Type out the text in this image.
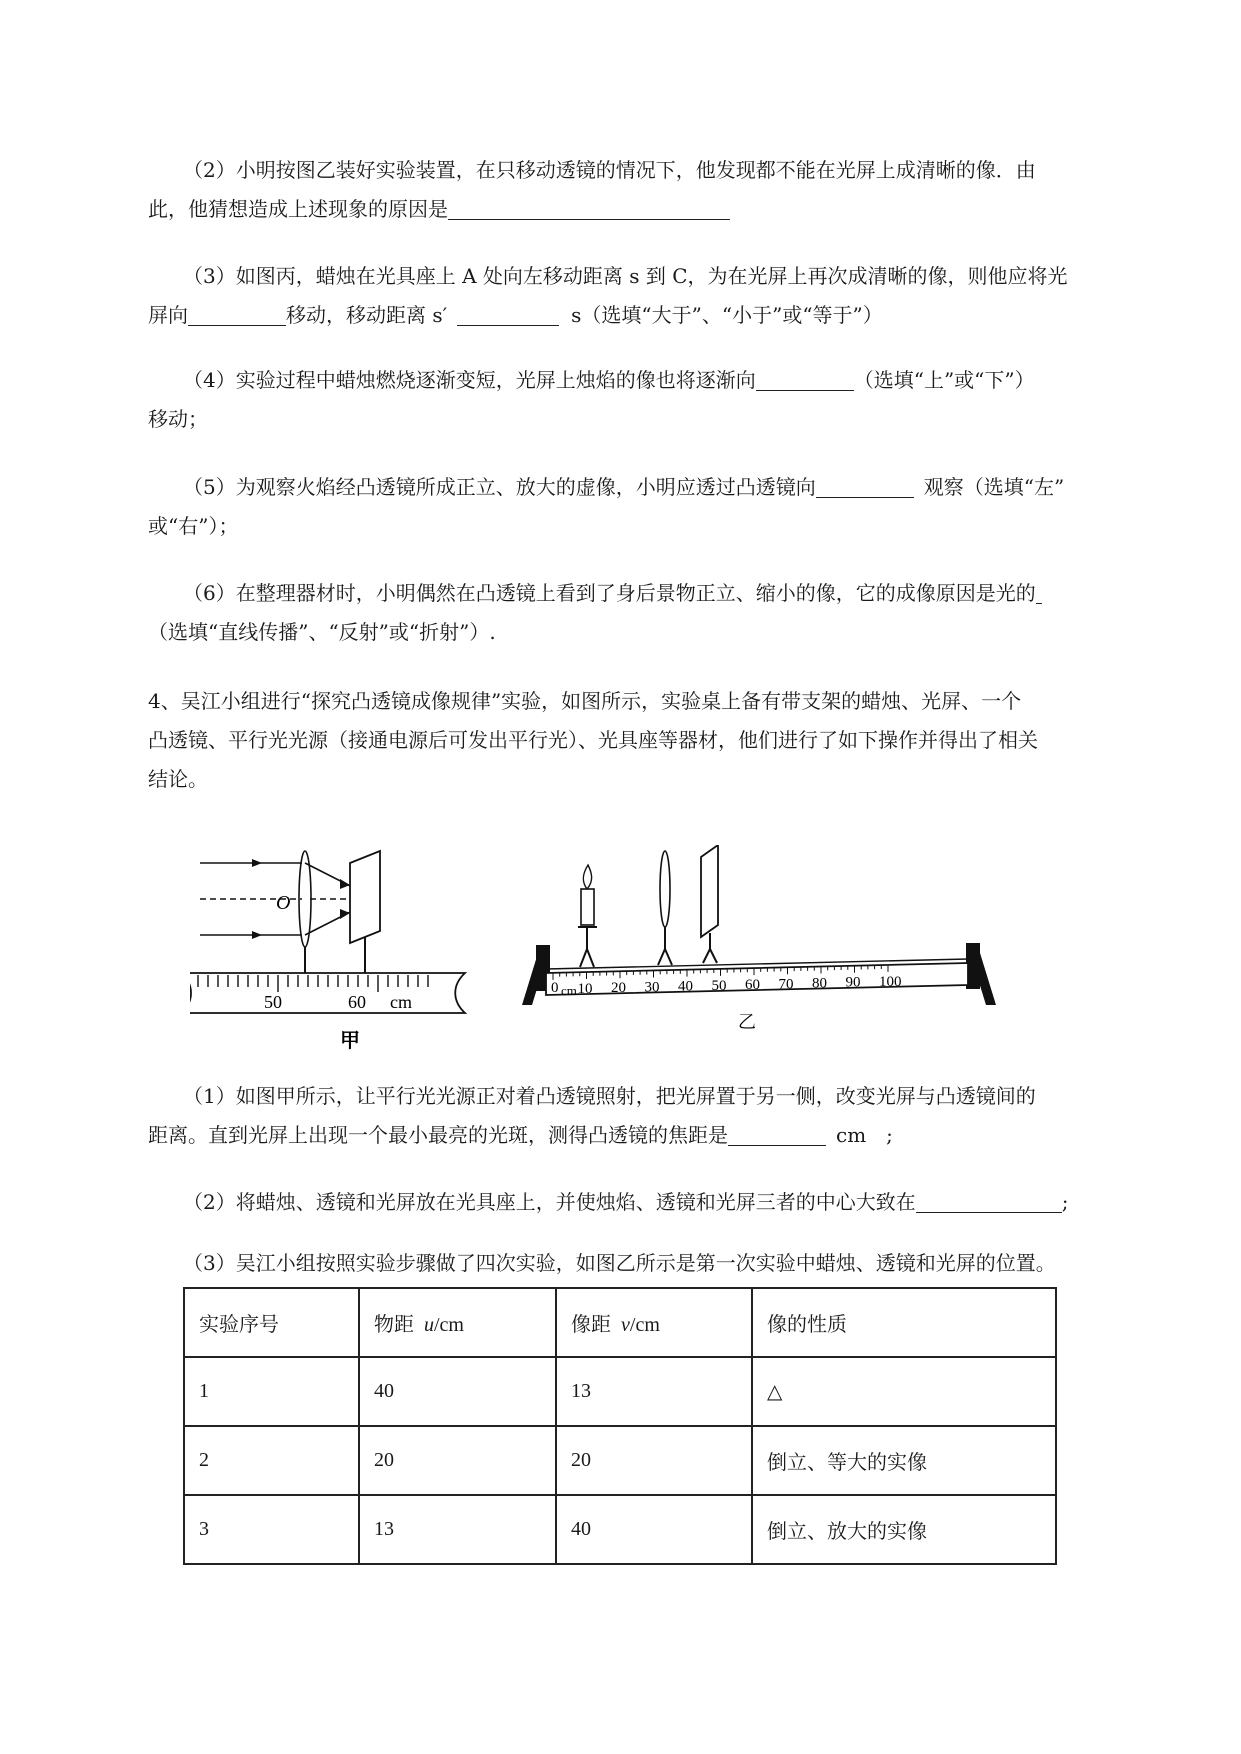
（2）小明按图乙装好实验装置，在只移动透镜的情况下，他发现都不能在光屏上成清晰的像．由
此，他猜想造成上述现象的原因是
（3）如图丙，蜡烛在光具座上 A 处向左移动距离 s 到 C，为在光屏上再次成清晰的像，则他应将光
屏向	移动，移动距离 s′	s（选填“大于”、“小于”或“等于”）
（4）实验过程中蜡烛燃烧逐渐变短，光屏上烛焰的像也将逐渐向	（选填“上”或“下”）
移动；
（5）为观察火焰经凸透镜所成正立、放大的虚像，小明应透过凸透镜向	观察（选填“左”
或“右”）；
（6）在整理器材时，小明偶然在凸透镜上看到了身后景物正立、缩小的像，它的成像原因是光的
（选填“直线传播”、“反射”或“折射”）.
4、吴江小组进行“探究凸透镜成像规律”实验，如图所示，实验桌上备有带支架的蜡烛、光屏、一个
凸透镜、平行光光源（接通电源后可发出平行光）、光具座等器材，他们进行了如下操作并得出了相关
结论。
O
50	60 cm
甲
0 cm 10 20 30 40 50 60 70 80 90 100
乙
（1）如图甲所示，让平行光光源正对着凸透镜照射，把光屏置于另一侧，改变光屏与凸透镜间的
距离。直到光屏上出现一个最小最亮的光斑，测得凸透镜的焦距是	cm　;
（2）将蜡烛、透镜和光屏放在光具座上，并使烛焰、透镜和光屏三者的中心大致在	;
（3）吴江小组按照实验步骤做了四次实验，如图乙所示是第一次实验中蜡烛、透镜和光屏的位置。
实验序号	物距 u/cm	像距 v/cm	像的性质
1	40	13	△
2	20	20	倒立、等大的实像
3	13	40	倒立、放大的实像
